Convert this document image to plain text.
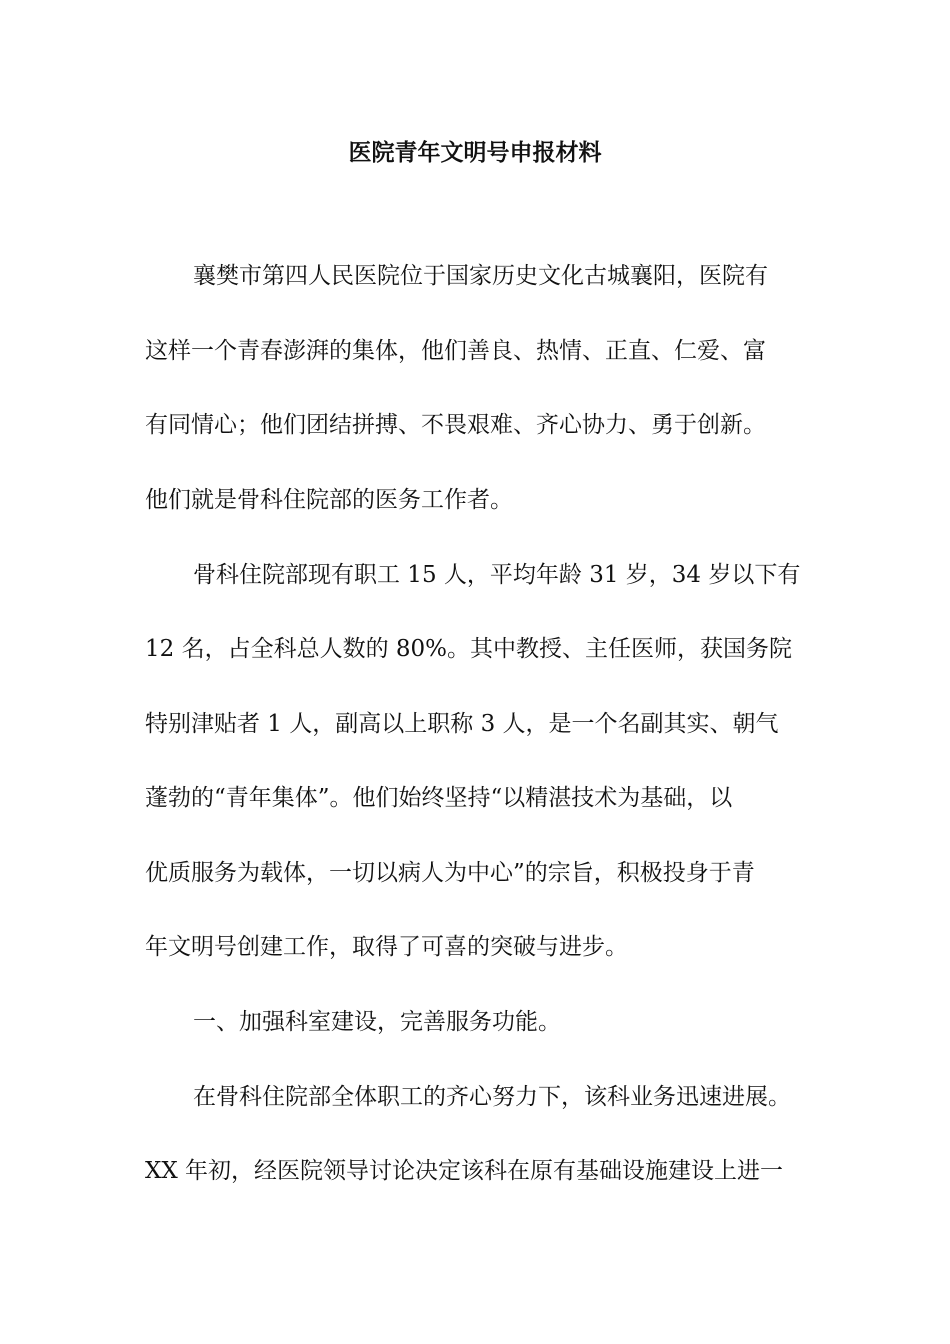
医院青年文明号申报材料
襄樊市第四人民医院位于国家历史文化古城襄阳，医院有
这样一个青春澎湃的集体，他们善良、热情、正直、仁爱、富
有同情心；他们团结拼搏、不畏艰难、齐心协力、勇于创新。
他们就是骨科住院部的医务工作者。
骨科住院部现有职工 15 人，平均年龄 31 岁，34 岁以下有
12 名，占全科总人数的 80%。其中教授、主任医师，获国务院
特别津贴者 1 人，副高以上职称 3 人，是一个名副其实、朝气
蓬勃的“青年集体”。他们始终坚持“以精湛技术为基础，以
优质服务为载体，一切以病人为中心”的宗旨，积极投身于青
年文明号创建工作，取得了可喜的突破与进步。
一、加强科室建设，完善服务功能。
在骨科住院部全体职工的齐心努力下，该科业务迅速进展。
XX 年初，经医院领导讨论决定该科在原有基础设施建设上进一
